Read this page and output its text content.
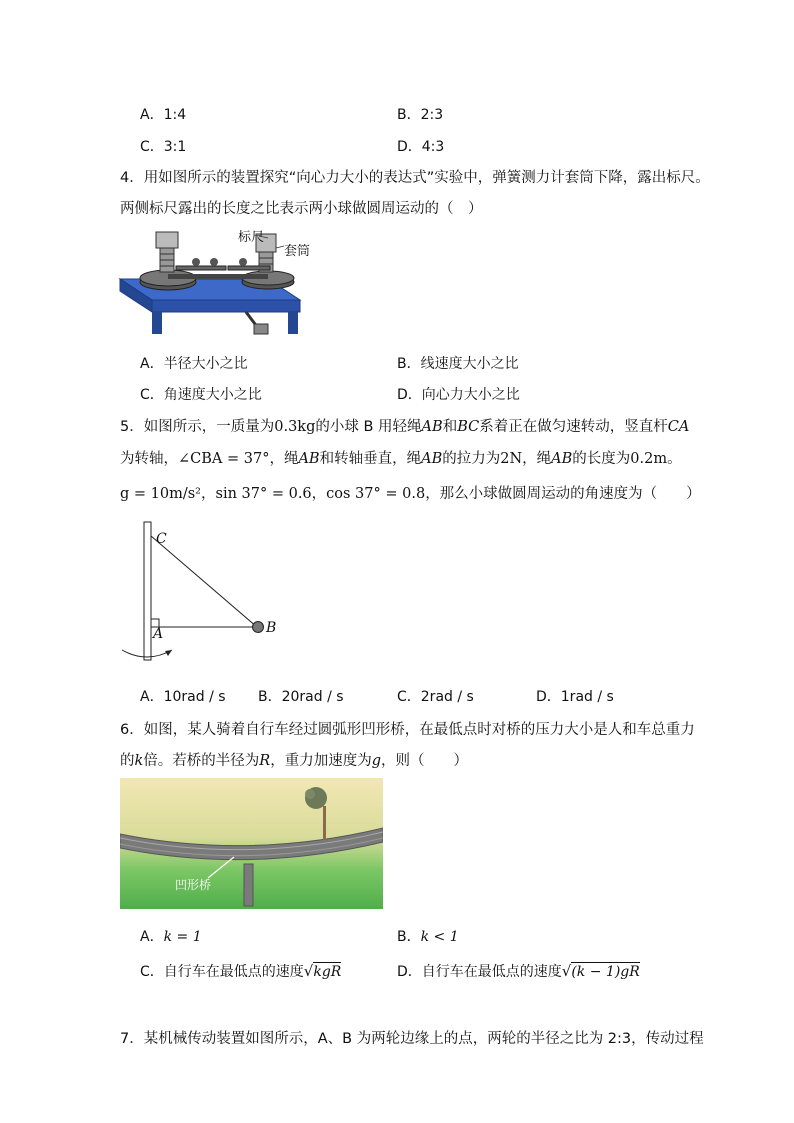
A．1:4	B．2:3
C．3:1	D．4:3
4．用如图所示的装置探究“向心力大小的表达式”实验中，弹簧测力计套筒下降，露出标尺。
两侧标尺露出的长度之比表示两小球做圆周运动的（　）
标尺
套筒
A．半径大小之比	B．线速度大小之比
C．角速度大小之比	D．向心力大小之比
5．如图所示，一质量为0.3kg的小球 B 用轻绳AB和BC系着正在做匀速转动，竖直杆CA
为转轴，∠CBA = 37°，绳AB和转轴垂直，绳AB的拉力为2N，绳AB的长度为0.2m。
g = 10m/s²，sin 37° = 0.6，cos 37° = 0.8，那么小球做圆周运动的角速度为（　　）
C
A	B
A．10rad / s B．20rad / s	C．2rad / s	D．1rad / s
6．如图，某人骑着自行车经过圆弧形凹形桥，在最低点时对桥的压力大小是人和车总重力
的k倍。若桥的半径为R，重力加速度为g，则（　　）
凹形桥
A．k = 1	B．k < 1
C．自行车在最低点的速度√kgR	D．自行车在最低点的速度√(k − 1)gR
7．某机械传动装置如图所示，A、B 为两轮边缘上的点，两轮的半径之比为 2:3，传动过程
